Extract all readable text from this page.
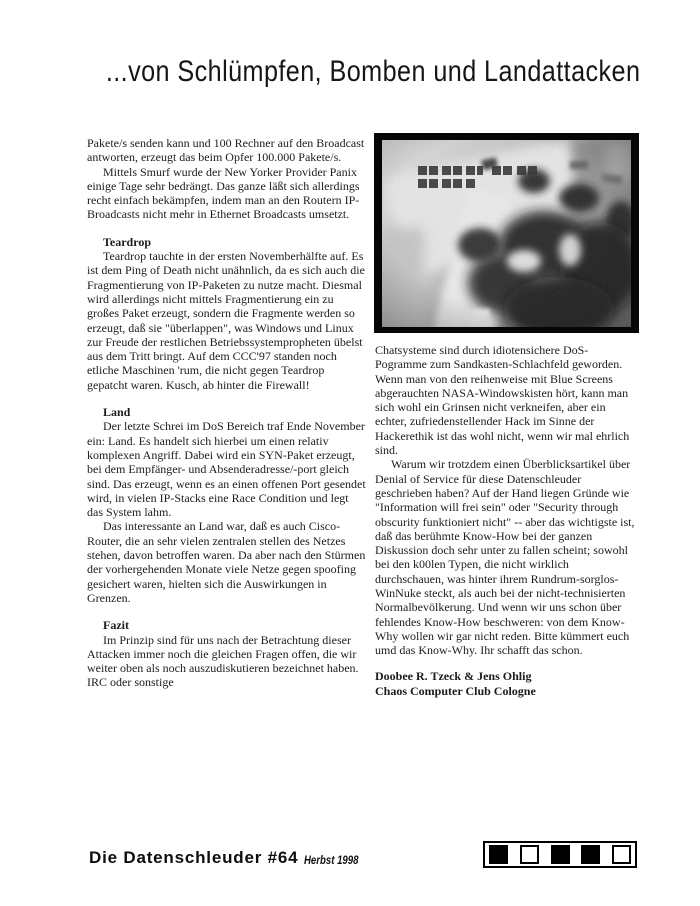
...von Schlümpfen, Bomben und Landattacken

Pakete/s senden kann und 100 Rechner auf den Broadcast antworten, erzeugt das beim Opfer 100.000 Pakete/s.

Mittels Smurf wurde der New Yorker Provider Panix einige Tage sehr bedrängt. Das ganze läßt sich allerdings recht einfach bekämpfen, indem man an den Routern IP-Broadcasts nicht mehr in Ethernet Broadcasts umsetzt.

Teardrop

Teardrop tauchte in der ersten Novemberhälfte auf. Es ist dem Ping of Death nicht unähnlich, da es sich auch die Fragmentierung von IP-Paketen zu nutze macht. Diesmal wird allerdings nicht mittels Fragmentierung ein zu großes Paket erzeugt, sondern die Fragmente werden so erzeugt, daß sie "überlappen", was Windows und Linux zur Freude der restlichen Betriebssystempropheten übelst aus dem Tritt bringt. Auf dem CCC'97 standen noch etliche Maschinen 'rum, die nicht gegen Teardrop gepatcht waren. Kusch, ab hinter die Firewall!

Land

Der letzte Schrei im DoS Bereich traf Ende November ein: Land. Es handelt sich hierbei um einen relativ komplexen Angriff. Dabei wird ein SYN-Paket erzeugt, bei dem Empfänger- und Absenderadresse/-port gleich sind. Das erzeugt, wenn es an einen offenen Port gesendet wird, in vielen IP-Stacks eine Race Condition und legt das System lahm.

Das interessante an Land war, daß es auch Cisco-Router, die an sehr vielen zentralen stellen des Netzes stehen, davon betroffen waren. Da aber nach den Stürmen der vorhergehenden Monate viele Netze gegen spoofing gesichert waren, hielten sich die Auswirkungen in Grenzen.

Fazit

Im Prinzip sind für uns nach der Betrachtung dieser Attacken immer noch die gleichen Fragen offen, die wir weiter oben als noch auszudiskutieren bezeichnet haben. IRC oder sonstige

Chatsysteme sind durch idiotensichere DoS-Pogramme zum Sandkasten-Schlachfeld geworden. Wenn man von den reihenweise mit Blue Screens abgerauchten NASA-Windowskisten hört, kann man sich wohl ein Grinsen nicht verkneifen, aber ein echter, zufriedenstellender Hack im Sinne der Hackerethik ist das wohl nicht, wenn wir mal ehrlich sind.

Warum wir trotzdem einen Überblicksartikel über Denial of Service für diese Datenschleuder geschrieben haben? Auf der Hand liegen Gründe wie "Information will frei sein" oder "Security through obscurity funktioniert nicht" -- aber das wichtigste ist, daß das berühmte Know-How bei der ganzen Diskussion doch sehr unter zu fallen scheint; sowohl bei den k00len Typen, die nicht wirklich durchschauen, was hinter ihrem Rundrum-sorglos-WinNuke steckt, als auch bei der nicht-technisierten Normalbevölkerung. Und wenn wir uns schon über fehlendes Know-How beschweren: von dem Know-Why wollen wir gar nicht reden. Bitte kümmert euch umd das Know-Why. Ihr schafft das schon.

Doobee R. Tzeck & Jens Ohlig
Chaos Computer Club Cologne
Die Datenschleuder #64 Herbst 1998
